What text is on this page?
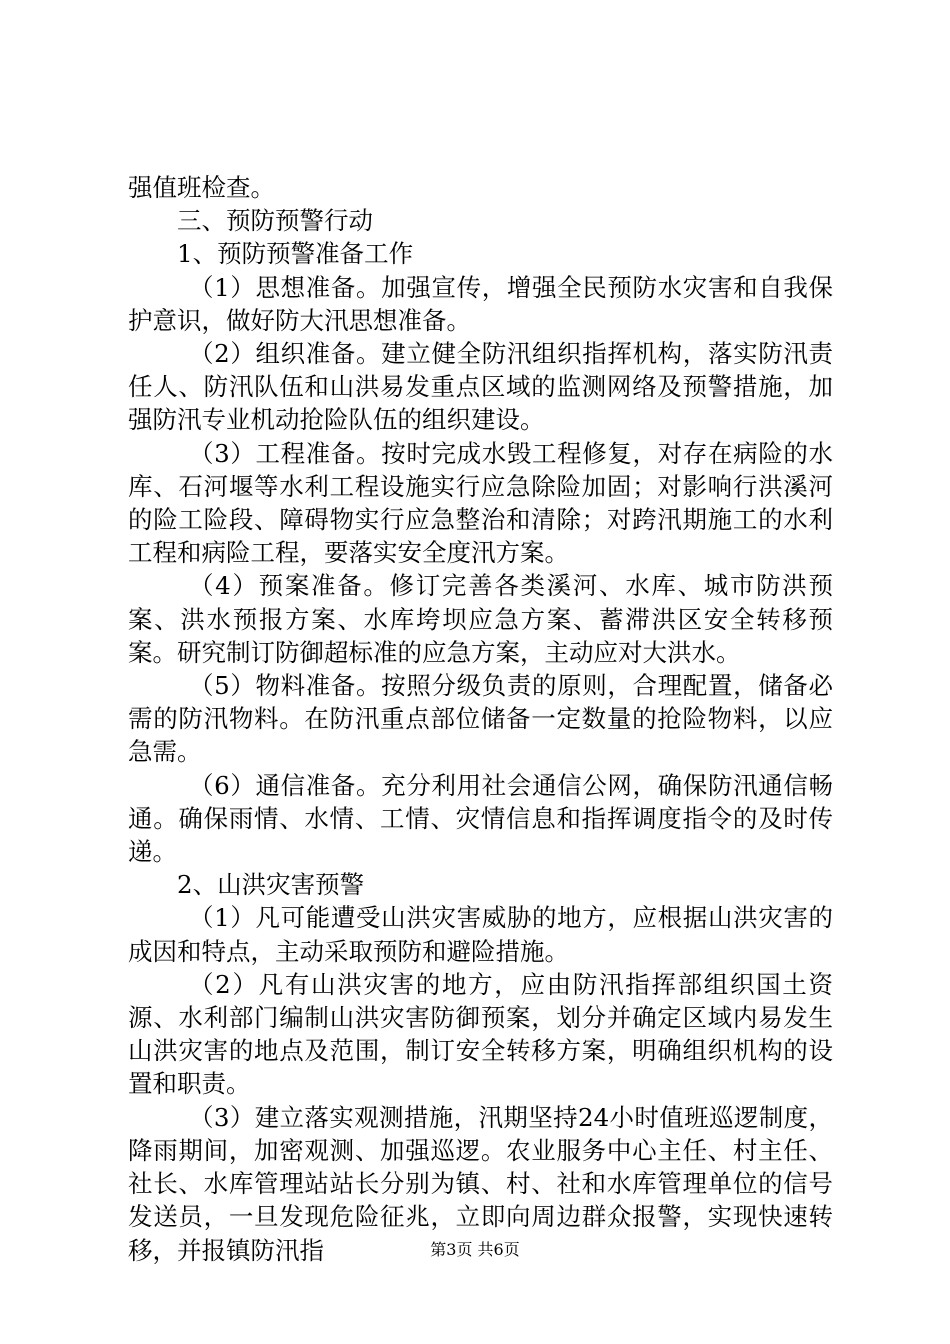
强值班检查。

三、预防预警行动

1、预防预警准备工作

（1）思想准备。加强宣传，增强全民预防水灾害和自我保护意识，做好防大汛思想准备。

（2）组织准备。建立健全防汛组织指挥机构，落实防汛责任人、防汛队伍和山洪易发重点区域的监测网络及预警措施，加强防汛专业机动抢险队伍的组织建设。

（3）工程准备。按时完成水毁工程修复，对存在病险的水库、石河堰等水利工程设施实行应急除险加固；对影响行洪溪河的险工险段、障碍物实行应急整治和清除；对跨汛期施工的水利工程和病险工程，要落实安全度汛方案。

（4）预案准备。修订完善各类溪河、水库、城市防洪预案、洪水预报方案、水库垮坝应急方案、蓄滞洪区安全转移预案。研究制订防御超标准的应急方案，主动应对大洪水。

（5）物料准备。按照分级负责的原则，合理配置，储备必需的防汛物料。在防汛重点部位储备一定数量的抢险物料，以应急需。

（6）通信准备。充分利用社会通信公网，确保防汛通信畅通。确保雨情、水情、工情、灾情信息和指挥调度指令的及时传递。

2、山洪灾害预警

（1）凡可能遭受山洪灾害威胁的地方，应根据山洪灾害的成因和特点，主动采取预防和避险措施。

（2）凡有山洪灾害的地方，应由防汛指挥部组织国土资源、水利部门编制山洪灾害防御预案，划分并确定区域内易发生山洪灾害的地点及范围，制订安全转移方案，明确组织机构的设置和职责。

（3）建立落实观测措施，汛期坚持24小时值班巡逻制度，降雨期间，加密观测、加强巡逻。农业服务中心主任、村主任、社长、水库管理站站长分别为镇、村、社和水库管理单位的信号发送员，一旦发现危险征兆，立即向周边群众报警，实现快速转移，并报镇防汛指	第3页 共6页
